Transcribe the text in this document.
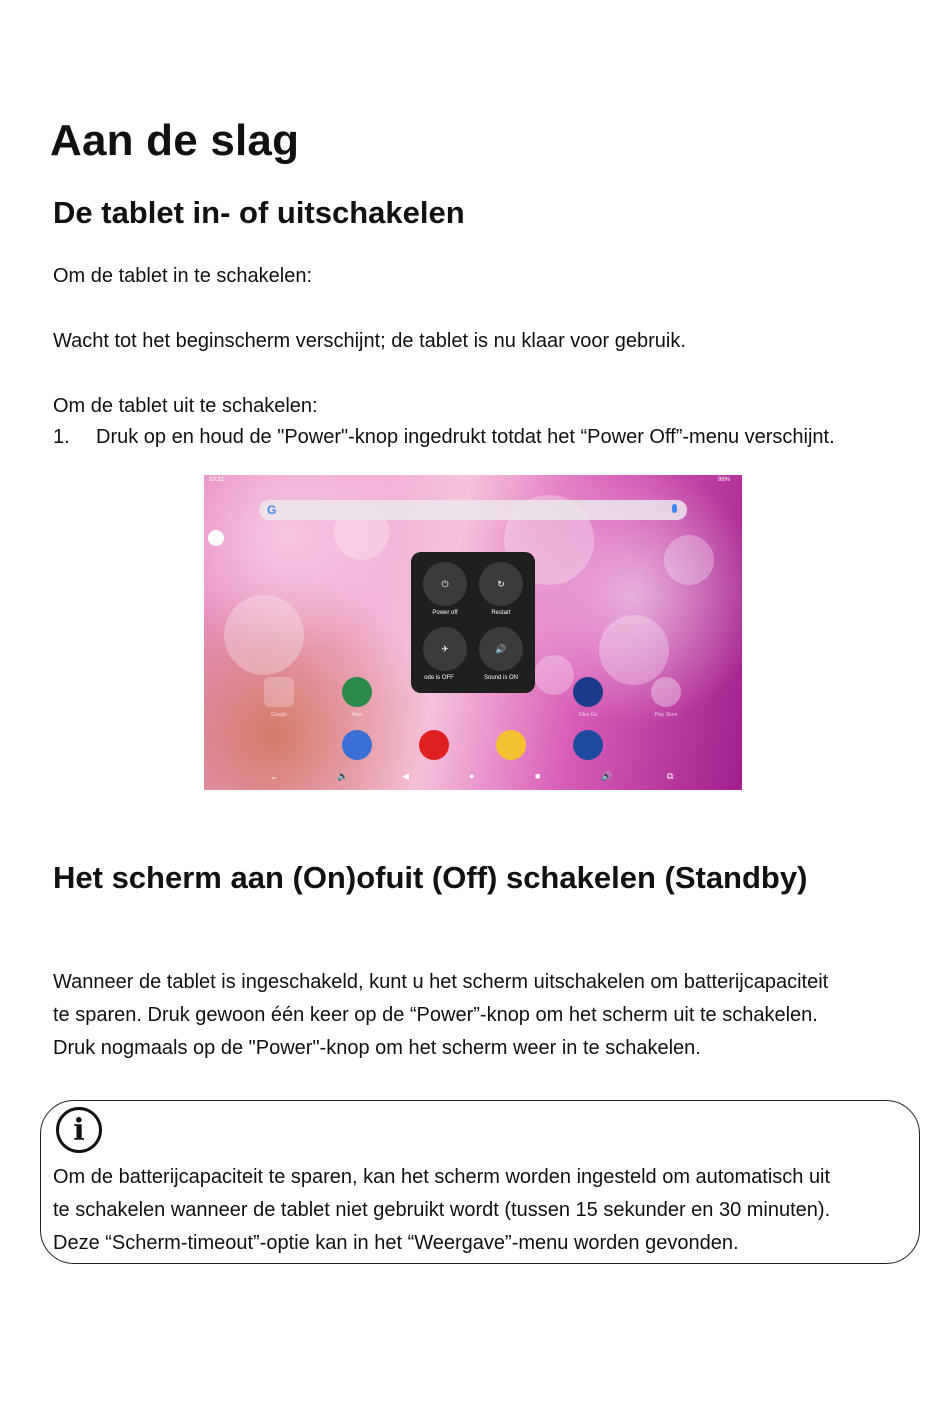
Aan de slag
De tablet in- of uitschakelen
Om de tablet in te schakelen:
Wacht tot het beginscherm verschijnt; de tablet is nu klaar voor gebruik.
Om de tablet uit te schakelen:
1. Druk op en houd de "Power"-knop ingedrukt totdat het “Power Off”-menu verschijnt.
10:21	98%
G
⏻
Power off
↻
Restart
✈
ode is OFF
🔊
Sound is ON
Google	Meet	Files Go	Play Store
⌄	🔈	◀	●	■	🔊	⧉
Het scherm aan (On)ofuit (Off) schakelen (Standby)
Wanneer de tablet is ingeschakeld, kunt u het scherm uitschakelen om batterijcapaciteit
te sparen. Druk gewoon één keer op de “Power”-knop om het scherm uit te schakelen.
Druk nogmaals op de "Power"-knop om het scherm weer in te schakelen.
i
Om de batterijcapaciteit te sparen, kan het scherm worden ingesteld om automatisch uit
te schakelen wanneer de tablet niet gebruikt wordt (tussen 15 sekunder en 30 minuten).
Deze “Scherm-timeout”-optie kan in het “Weergave”-menu worden gevonden.
